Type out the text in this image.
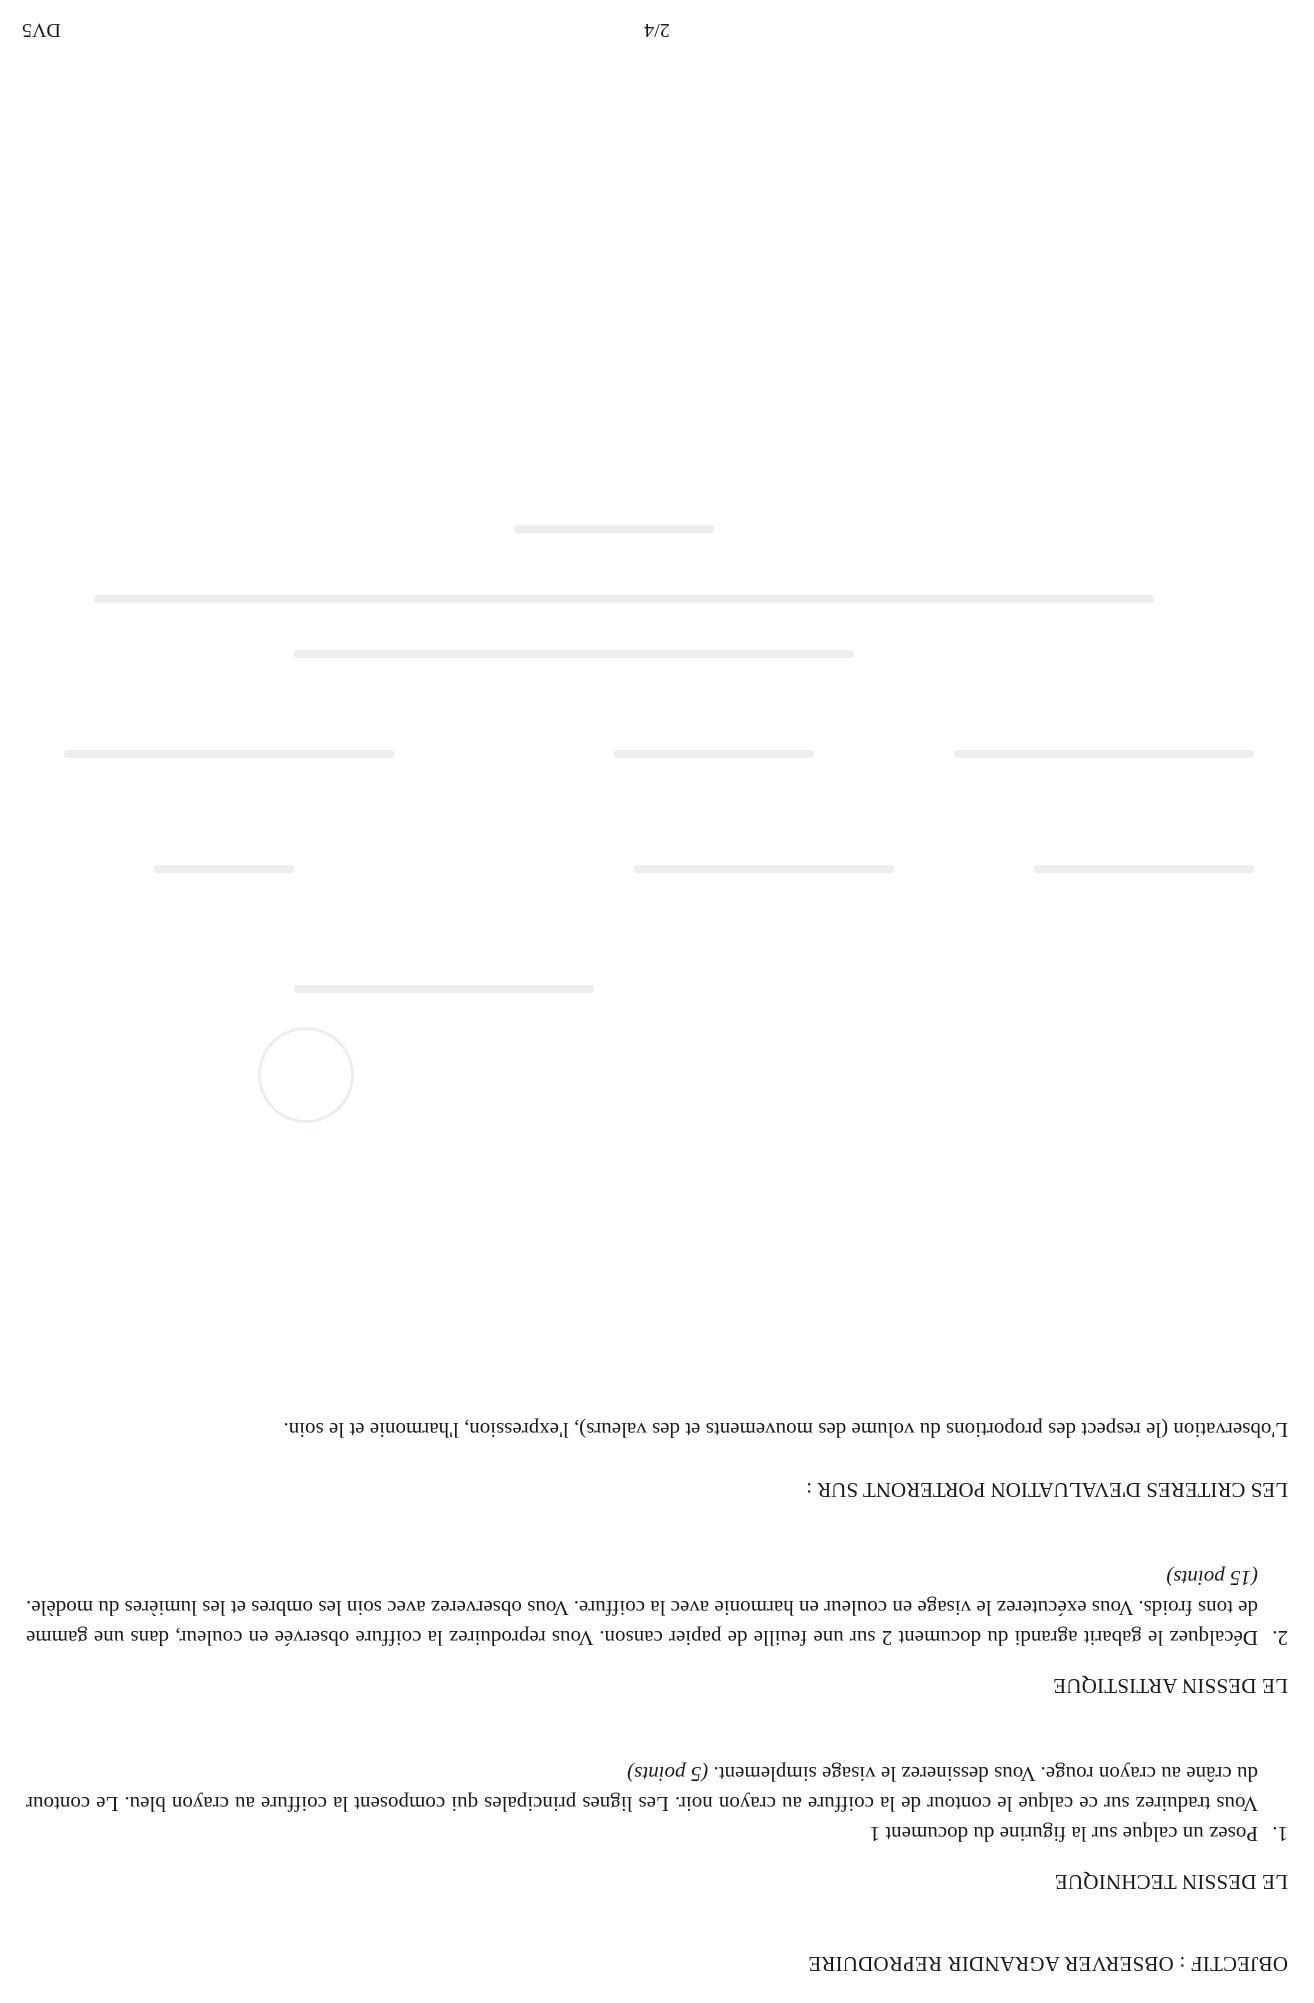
OBJECTIF : OBSERVER AGRANDIR REPRODUIRE
LE DESSIN TECHNIQUE
1.

Posez un calque sur la figurine du document 1

Vous traduirez sur ce calque le contour de la coiffure au crayon noir. Les lignes principales qui composent la coiffure au crayon bleu. Le contour du crâne au crayon rouge. Vous dessinerez le visage simplement. (5 points)

LE DESSIN ARTISTIQUE
2.

Décalquez le gabarit agrandi du document 2 sur une feuille de papier canson. Vous reproduirez la coiffure observée en couleur, dans une gamme de tons froids. Vous exécuterez le visage en couleur en harmonie avec la coiffure. Vous observerez avec soin les ombres et les lumières du modèle. (15 points)

LES CRITERES D'EVALUATION PORTERONT SUR :

L'observation (le respect des proportions du volume des mouvements et des valeurs), l'expression, l'harmonie et le soin.

2/4
DV5
